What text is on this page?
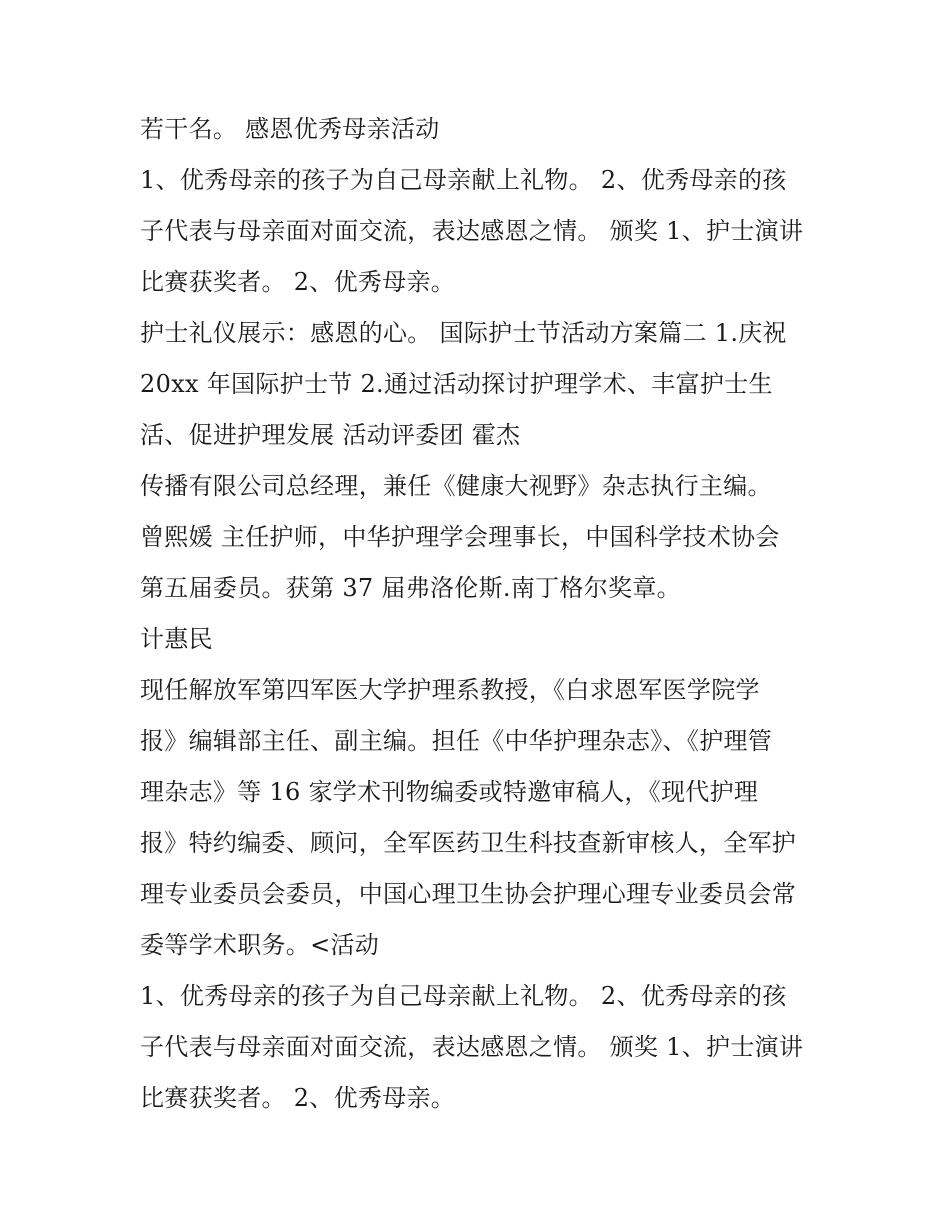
若干名。 感恩优秀母亲活动
1、优秀母亲的孩子为自己母亲献上礼物。 2、优秀母亲的孩
子代表与母亲面对面交流，表达感恩之情。 颁奖 1、护士演讲
比赛获奖者。 2、优秀母亲。
护士礼仪展示：感恩的心。 国际护士节活动方案篇二 1.庆祝
20xx 年国际护士节 2.通过活动探讨护理学术、丰富护士生
活、促进护理发展 活动评委团 霍杰
传播有限公司总经理，兼任《健康大视野》杂志执行主编。
曾熙媛 主任护师，中华护理学会理事长，中国科学技术协会
第五届委员。获第 37 届弗洛伦斯.南丁格尔奖章。
计惠民
现任解放军第四军医大学护理系教授，《白求恩军医学院学
报》编辑部主任、副主编。担任《中华护理杂志》、《护理管
理杂志》等 16 家学术刊物编委或特邀审稿人，《现代护理
报》特约编委、顾问，全军医药卫生科技查新审核人，全军护
理专业委员会委员，中国心理卫生协会护理心理专业委员会常
委等学术职务。<活动
1、优秀母亲的孩子为自己母亲献上礼物。 2、优秀母亲的孩
子代表与母亲面对面交流，表达感恩之情。 颁奖 1、护士演讲
比赛获奖者。 2、优秀母亲。
